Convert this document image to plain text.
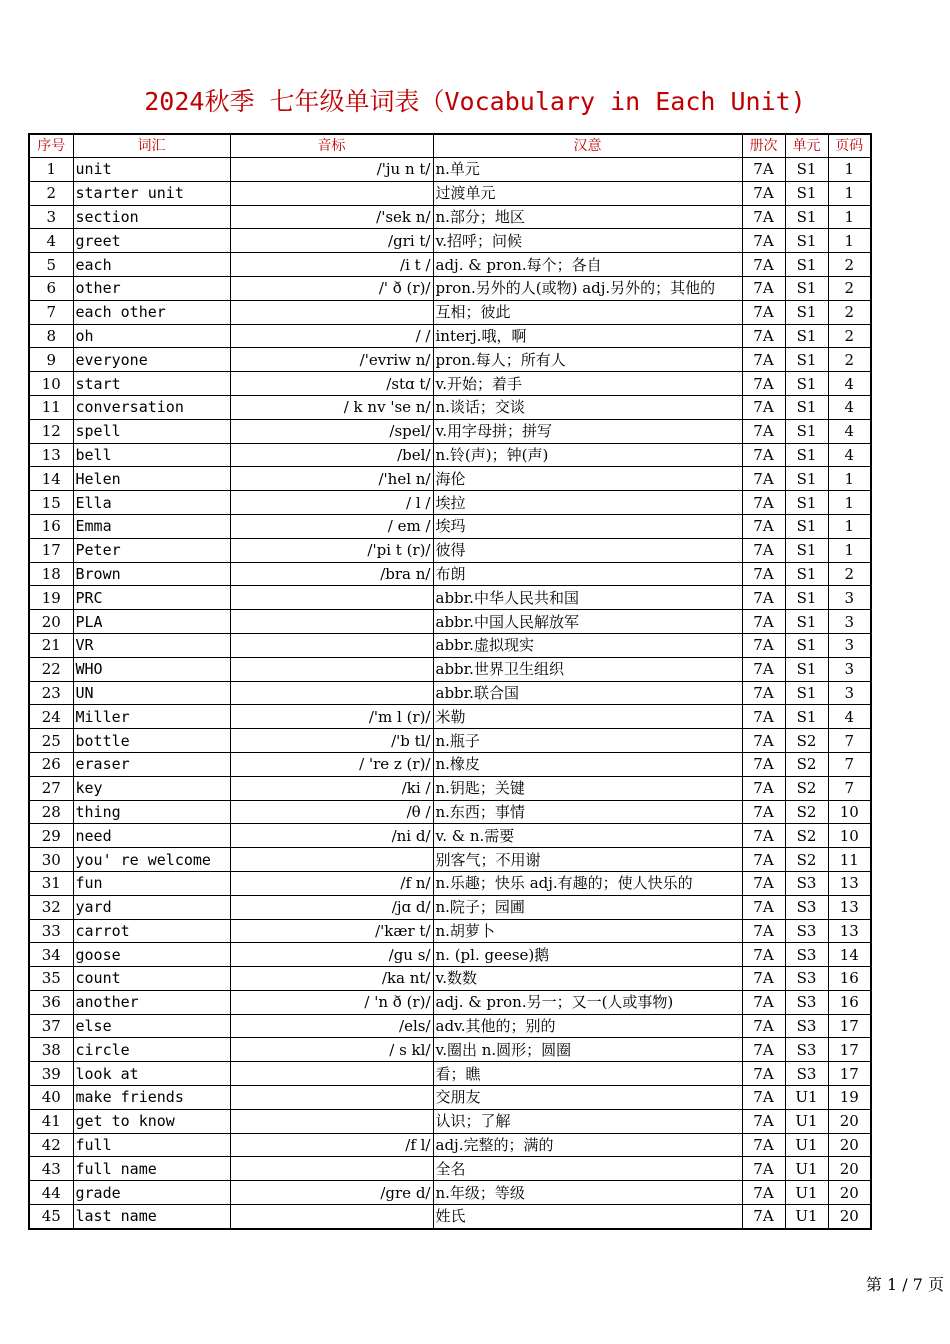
2024秋季 七年级单词表（Vocabulary in Each Unit)
序号	词汇	音标	汉意	册次	单元	页码
1	unit	/'ju n t/	n.单元	7A	S1	1
2	starter unit		过渡单元	7A	S1	1
3	section	/'sek n/	n.部分；地区	7A	S1	1
4	greet	/gri t/	v.招呼；问候	7A	S1	1
5	each	/i t /	adj. & pron.每个；各自	7A	S1	2
6	other	/' ð (r)/	pron.另外的人(或物) adj.另外的；其他的	7A	S1	2
7	each other		互相；彼此	7A	S1	2
8	oh	/ /	interj.哦，啊	7A	S1	2
9	everyone	/'evriw n/	pron.每人；所有人	7A	S1	2
10	start	/stɑ t/	v.开始；着手	7A	S1	4
11	conversation	/ k nv 'se n/	n.谈话；交谈	7A	S1	4
12	spell	/spel/	v.用字母拼；拼写	7A	S1	4
13	bell	/bel/	n.铃(声)；钟(声)	7A	S1	4
14	Helen	/'hel n/	海伦	7A	S1	1
15	Ella	/ l /	埃拉	7A	S1	1
16	Emma	/ em /	埃玛	7A	S1	1
17	Peter	/'pi t (r)/	彼得	7A	S1	1
18	Brown	/bra n/	布朗	7A	S1	2
19	PRC		abbr.中华人民共和国	7A	S1	3
20	PLA		abbr.中国人民解放军	7A	S1	3
21	VR		abbr.虚拟现实	7A	S1	3
22	WHO		abbr.世界卫生组织	7A	S1	3
23	UN		abbr.联合国	7A	S1	3
24	Miller	/'m l (r)/	米勒	7A	S1	4
25	bottle	/'b tl/	n.瓶子	7A	S2	7
26	eraser	/ 're z (r)/	n.橡皮	7A	S2	7
27	key	/ki /	n.钥匙；关键	7A	S2	7
28	thing	/θ /	n.东西；事情	7A	S2	10
29	need	/ni d/	v. & n.需要	7A	S2	10
30	you' re welcome		别客气；不用谢	7A	S2	11
31	fun	/f n/	n.乐趣；快乐 adj.有趣的；使人快乐的	7A	S3	13
32	yard	/jɑ d/	n.院子；园圃	7A	S3	13
33	carrot	/'kær t/	n.胡萝卜	7A	S3	13
34	goose	/gu s/	n. (pl. geese)鹅	7A	S3	14
35	count	/ka nt/	v.数数	7A	S3	16
36	another	/ 'n ð (r)/	adj. & pron.另一；又一(人或事物)	7A	S3	16
37	else	/els/	adv.其他的；别的	7A	S3	17
38	circle	/ s kl/	v.圈出 n.圆形；圆圈	7A	S3	17
39	look at		看；瞧	7A	S3	17
40	make friends		交朋友	7A	U1	19
41	get to know		认识；了解	7A	U1	20
42	full	/f l/	adj.完整的；满的	7A	U1	20
43	full name		全名	7A	U1	20
44	grade	/gre d/	n.年级；等级	7A	U1	20
45	last name		姓氏	7A	U1	20
第 1 / 7 页
